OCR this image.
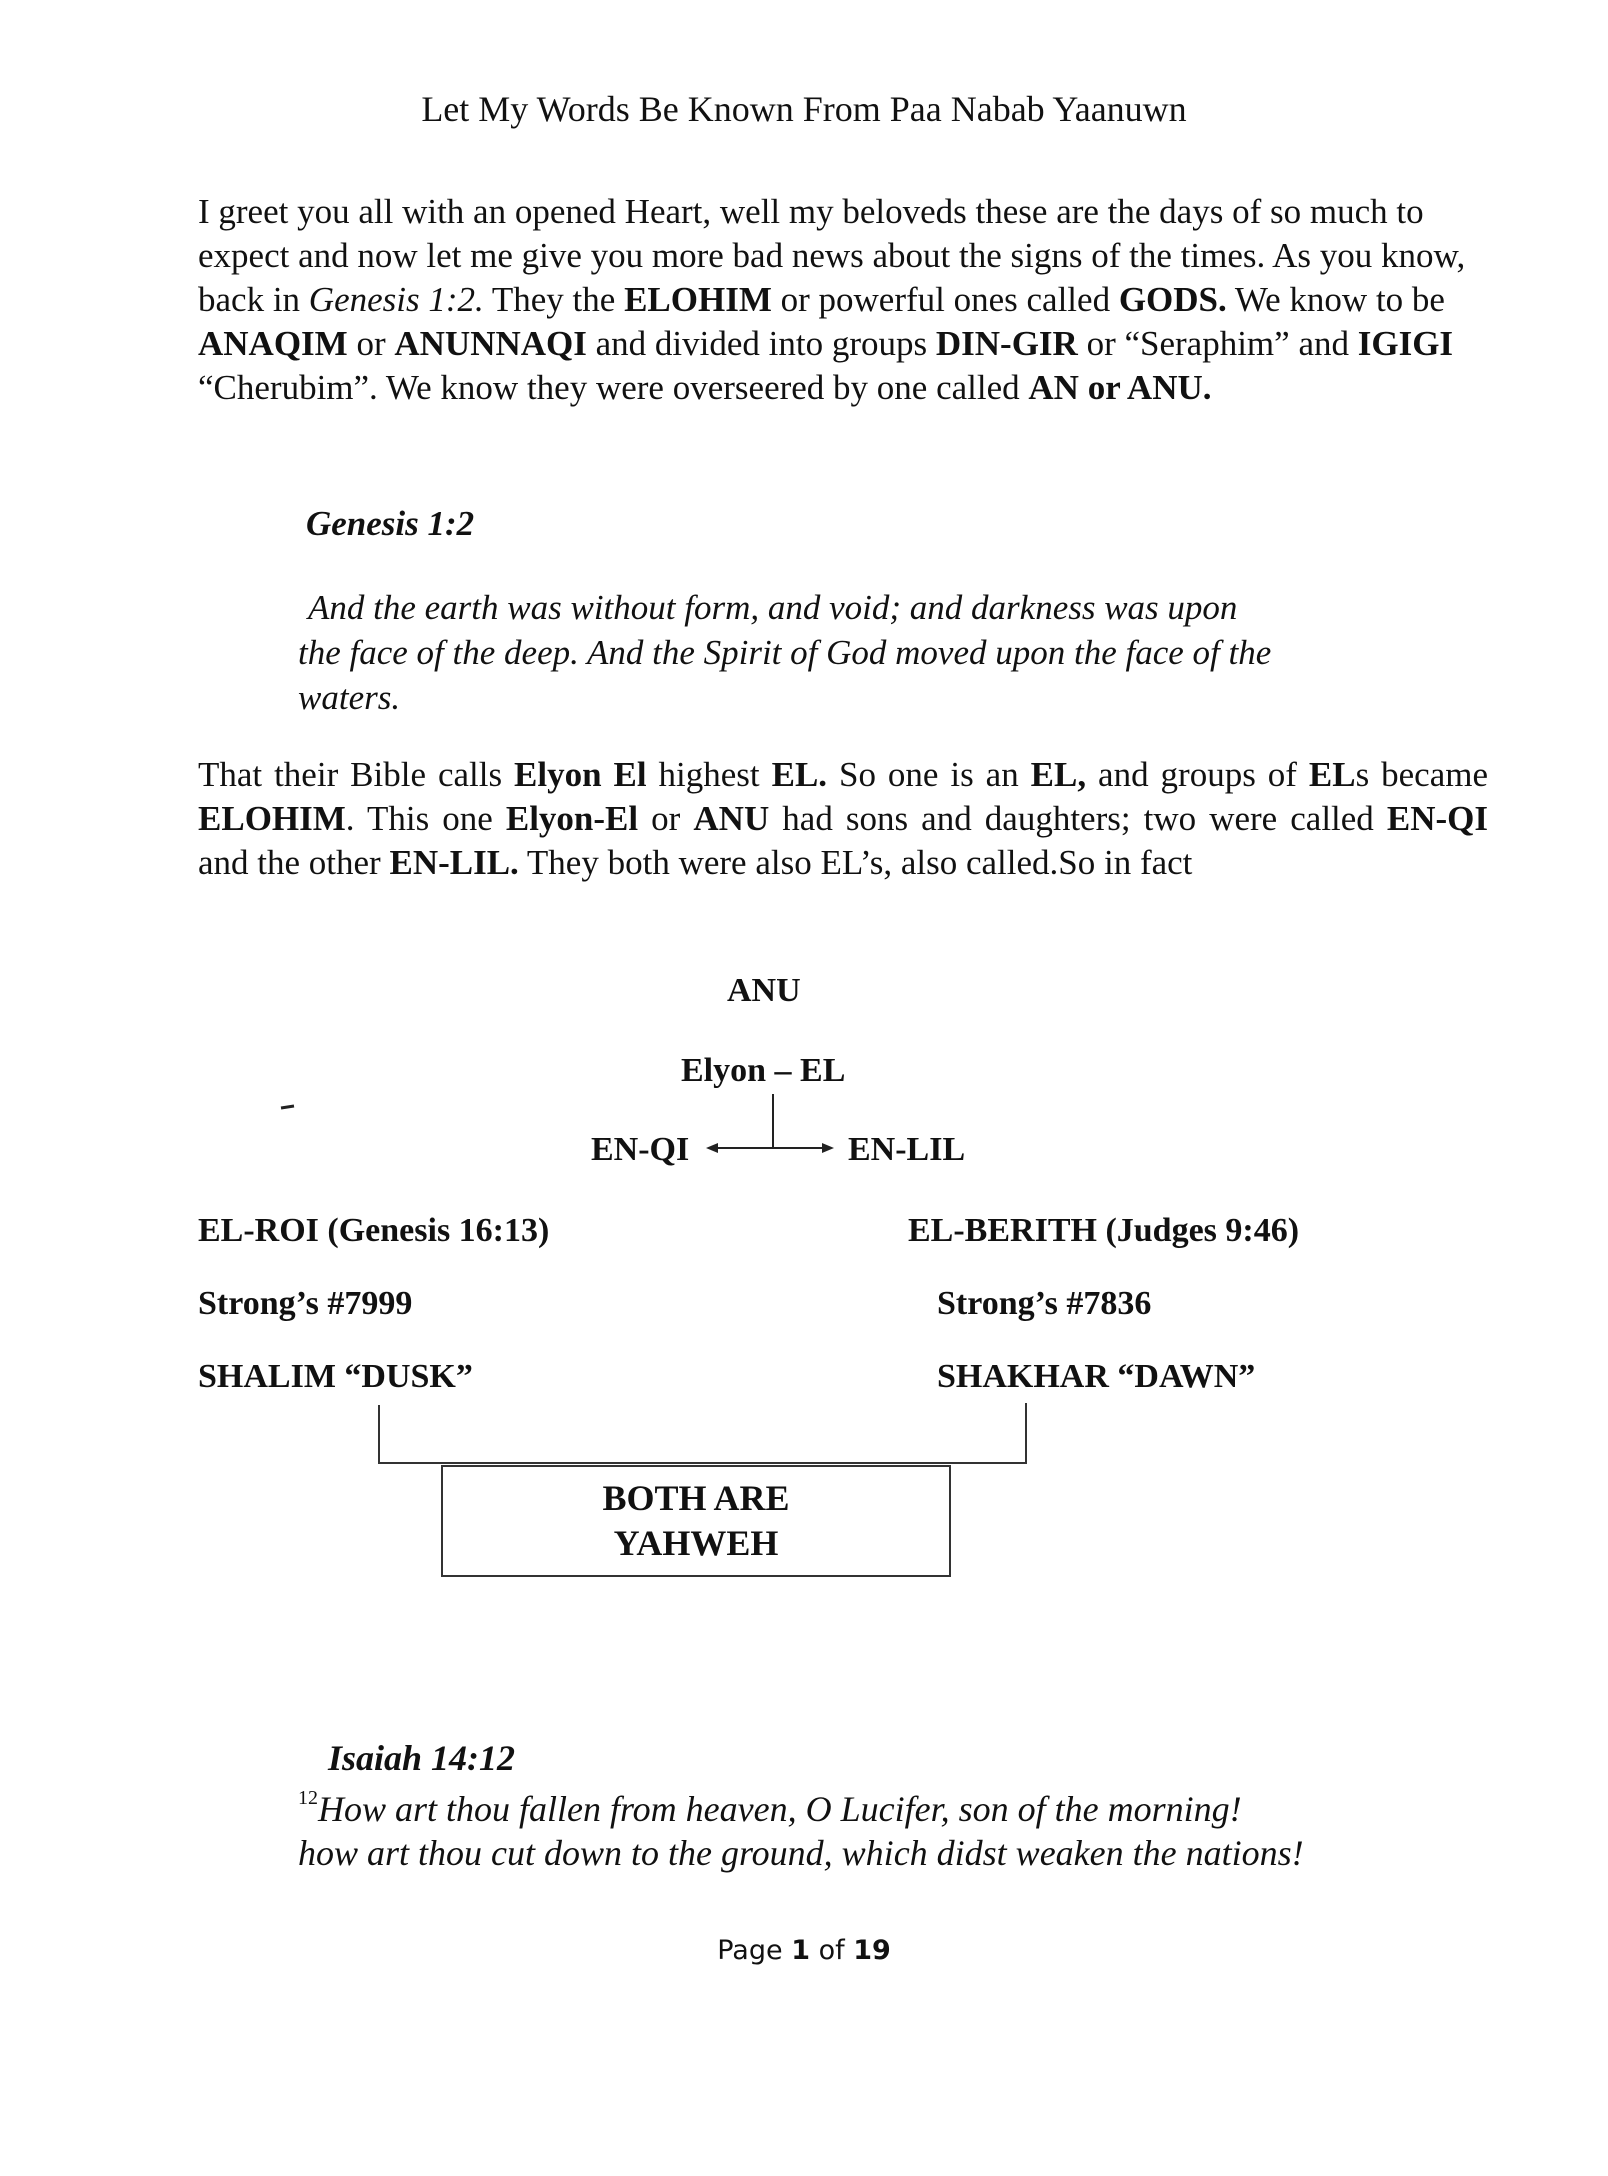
Let My Words Be Known From Paa Nabab Yaanuwn
I greet you all with an opened Heart, well my beloveds these are the days of so much to expect and now let me give you more bad news about the signs of the times. As you know, back in Genesis 1:2. They the ELOHIM or powerful ones called GODS. We know to be ANAQIM or ANUNNAQI and divided into groups DIN-GIR or “Seraphim” and IGIGI “Cherubim”. We know they were overseered by one called AN or ANU.
Genesis 1:2
And the earth was without form, and void; and darkness was upon
the face of the deep. And the Spirit of God moved upon the face of the
waters.
That their Bible calls Elyon El highest EL. So one is an EL, and groups of ELs became ELOHIM. This one Elyon-El or ANU had sons and daughters; two were called EN-QI and the other EN-LIL. They both were also EL’s, also called.So in fact
ANU
Elyon – EL
EN-QI	EN-LIL
EL-ROI (Genesis 16:13)
Strong’s #7999
SHALIM “DUSK”
EL-BERITH (Judges 9:46)
Strong’s #7836
SHAKHAR “DAWN”
BOTH ARE
YAHWEH
Isaiah 14:12
$^{12}$How art thou fallen from heaven, O Lucifer, son of the morning!
how art thou cut down to the ground, which didst weaken the nations!
Page 1 of 19
